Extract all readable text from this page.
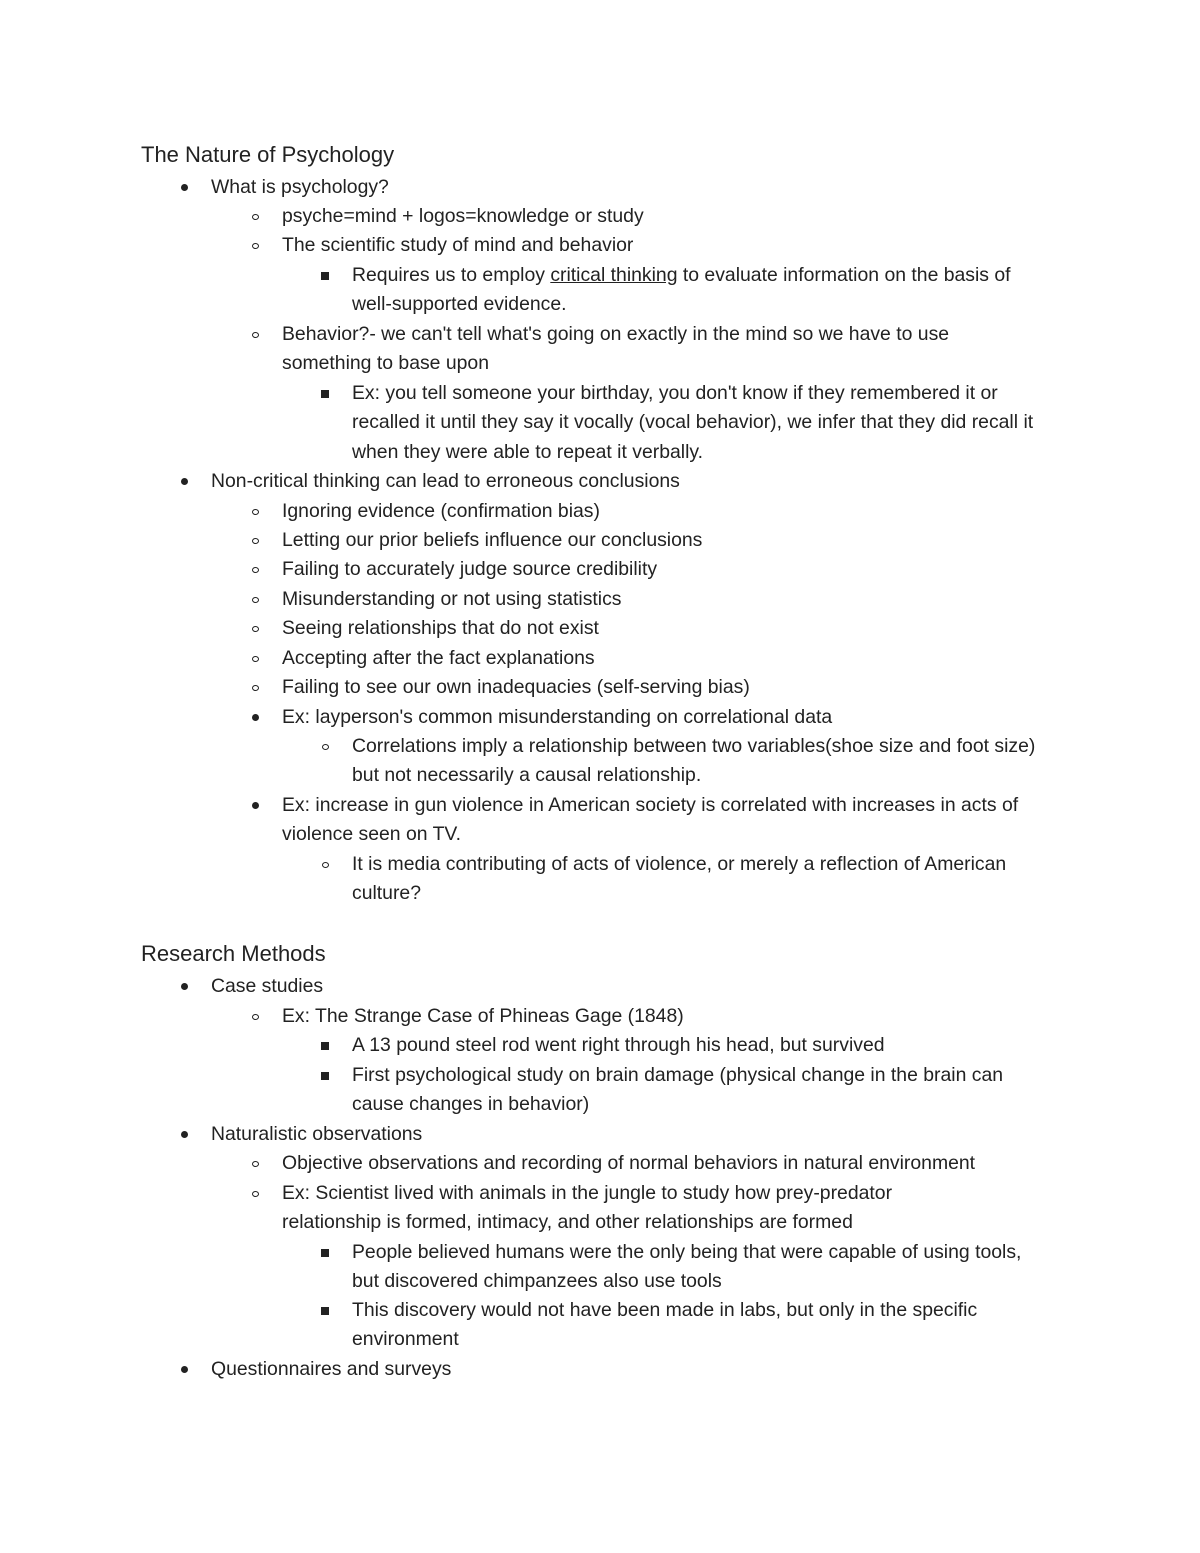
The Nature of Psychology
What is psychology?
psyche=mind + logos=knowledge or study
The scientific study of mind and behavior
Requires us to employ critical thinking to evaluate information on the basis of well-supported evidence.
Behavior?- we can't tell what's going on exactly in the mind so we have to use something to base upon
Ex: you tell someone your birthday, you don't know if they remembered it or recalled it until they say it vocally (vocal behavior), we infer that they did recall it when they were able to repeat it verbally.
Non-critical thinking can lead to erroneous conclusions
Ignoring evidence (confirmation bias)
Letting our prior beliefs influence our conclusions
Failing to accurately judge source credibility
Misunderstanding or not using statistics
Seeing relationships that do not exist
Accepting after the fact explanations
Failing to see our own inadequacies (self-serving bias)
Ex: layperson's common misunderstanding on correlational data
Correlations imply a relationship between two variables(shoe size and foot size) but not necessarily a causal relationship.
Ex: increase in gun violence in American society is correlated with increases in acts of violence seen on TV.
It is media contributing of acts of violence, or merely a reflection of American culture?
Research Methods
Case studies
Ex: The Strange Case of Phineas Gage (1848)
A 13 pound steel rod went right through his head, but survived
First psychological study on brain damage (physical change in the brain can cause changes in behavior)
Naturalistic observations
Objective observations and recording of normal behaviors in natural environment
Ex: Scientist lived with animals in the jungle to study how prey-predator relationship is formed, intimacy, and other relationships are formed
People believed humans were the only being that were capable of using tools, but discovered chimpanzees also use tools
This discovery would not have been made in labs, but only in the specific environment
Questionnaires and surveys
